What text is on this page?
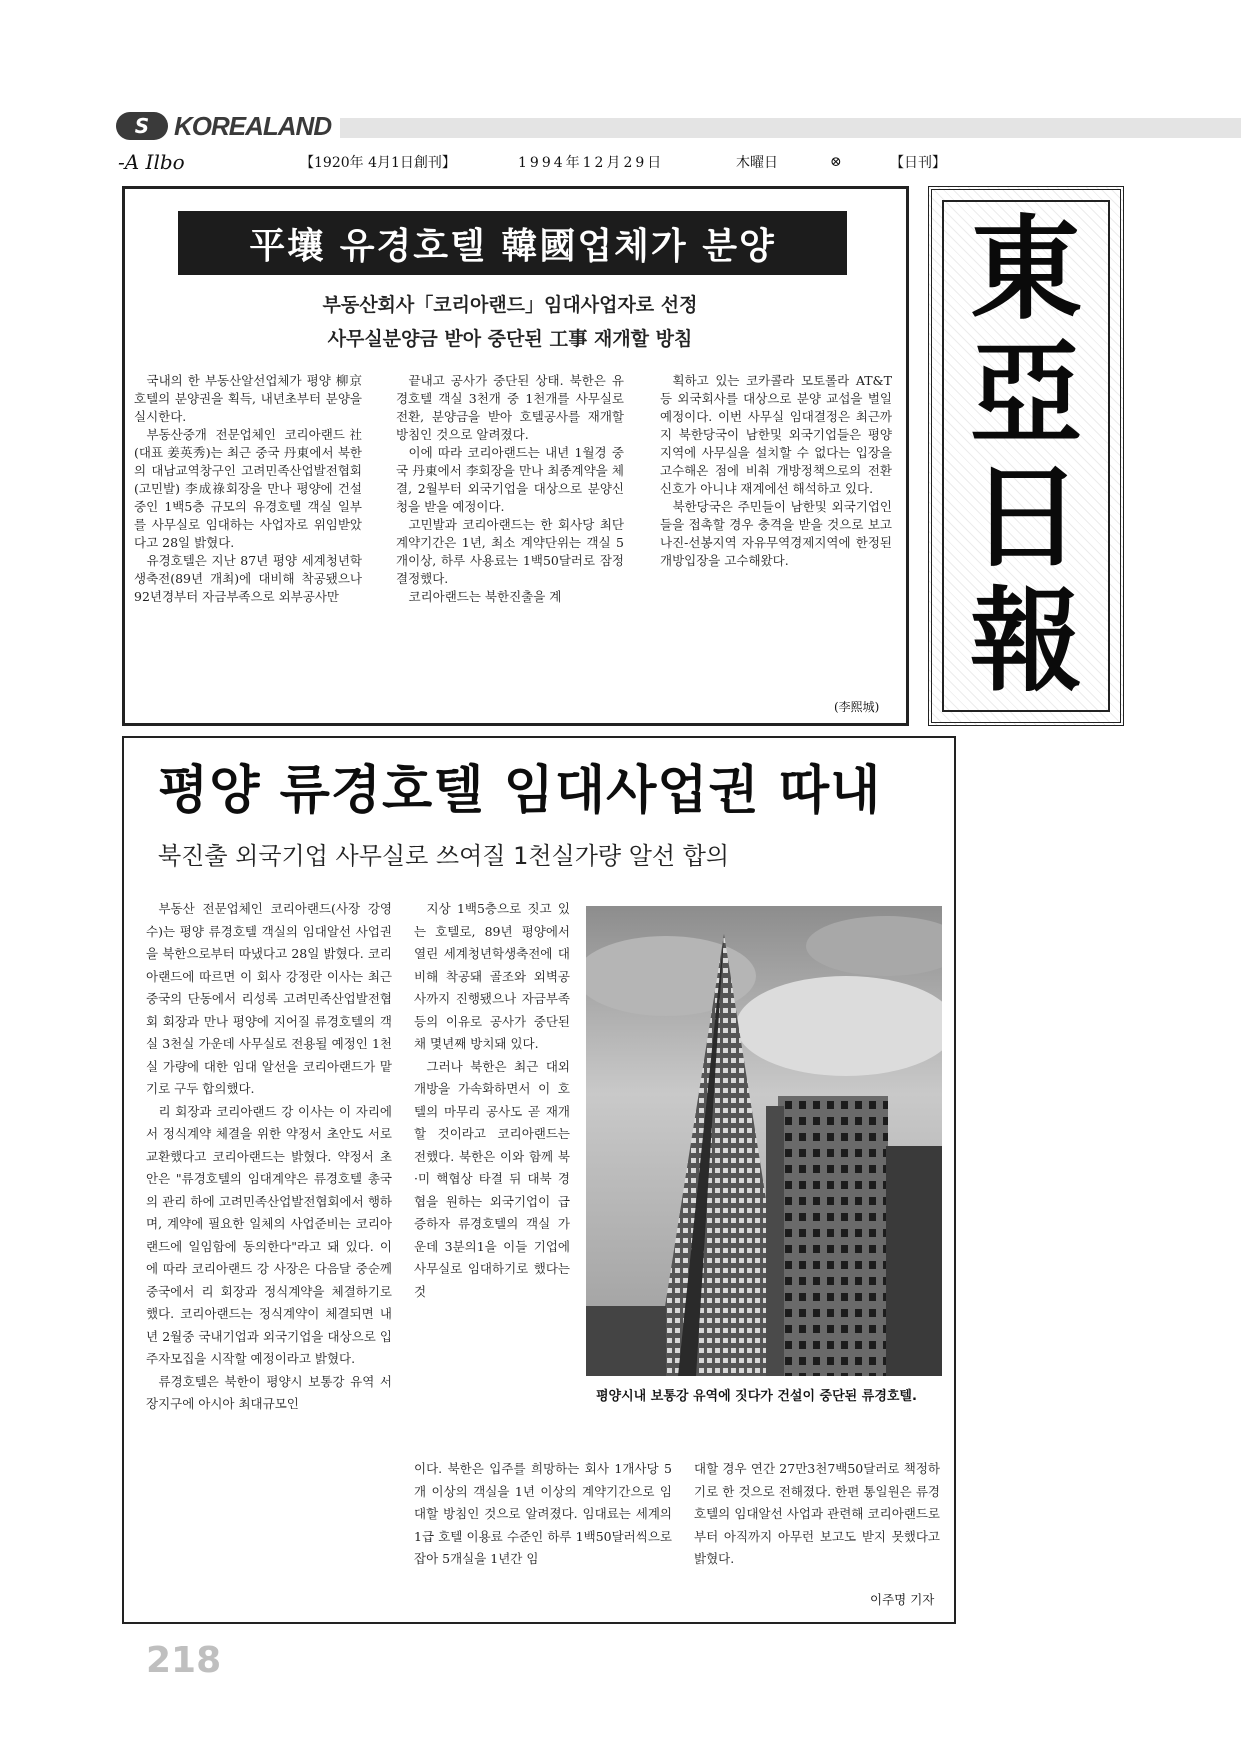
S KOREALAND
-A Ilbo	【1920年 4月1日創刊】	1994年12月29日	木曜日	⊗	【日刊】
平壤 유경호텔 韓國업체가 분양
부동산회사「코리아랜드」임대사업자로 선정
사무실분양금 받아 중단된 工事 재개할 방침

국내의 한 부동산알선업체가 평양 柳京호텔의 분양권을 획득, 내년초부터 분양을 실시한다.

부동산중개 전문업체인 코리아랜드社(대표 姜英秀)는 최근 중국 丹東에서 북한의 대남교역창구인 고려민족산업발전협회(고민발) 李成祿회장을 만나 평양에 건설중인 1백5층 규모의 유경호텔 객실 일부를 사무실로 임대하는 사업자로 위임받았다고 28일 밝혔다.

유경호텔은 지난 87년 평양 세계청년학생축전(89년 개최)에 대비해 착공됐으나 92년경부터 자금부족으로 외부공사만

끝내고 공사가 중단된 상태. 북한은 유경호텔 객실 3천개 중 1천개를 사무실로 전환, 분양금을 받아 호텔공사를 재개할 방침인 것으로 알려졌다.

이에 따라 코리아랜드는 내년 1월경 중국 丹東에서 李회장을 만나 최종계약을 체결, 2월부터 외국기업을 대상으로 분양신청을 받을 예정이다.

고민발과 코리아랜드는 한 회사당 최단 계약기간은 1년, 최소 계약단위는 객실 5개이상, 하루 사용료는 1백50달러로 잠정 결정했다.

코리아랜드는 북한진출을 계

획하고 있는 코카콜라 모토롤라 AT&T등 외국회사를 대상으로 분양 교섭을 벌일 예정이다. 이번 사무실 임대결정은 최근까지 북한당국이 남한및 외국기업들은 평양지역에 사무실을 설치할 수 없다는 입장을 고수해온 점에 비춰 개방정책으로의 전환신호가 아니냐 재계에선 해석하고 있다.

북한당국은 주민들이 남한및 외국기업인들을 접촉할 경우 충격을 받을 것으로 보고 나진-선봉지역 자유무역경제지역에 한정된 개방입장을 고수해왔다.

(李熙城)
東
亞
日
報
평양 류경호텔 임대사업권 따내
북진출 외국기업 사무실로 쓰여질 1천실가량 알선 합의

부동산 전문업체인 코리아랜드(사장 강영수)는 평양 류경호텔 객실의 임대알선 사업권을 북한으로부터 따냈다고 28일 밝혔다. 코리아랜드에 따르면 이 회사 강정란 이사는 최근 중국의 단동에서 리성록 고려민족산업발전협회 회장과 만나 평양에 지어질 류경호텔의 객실 3천실 가운데 사무실로 전용될 예정인 1천실 가량에 대한 임대 알선을 코리아랜드가 맡기로 구두 합의했다.

리 회장과 코리아랜드 강 이사는 이 자리에서 정식계약 체결을 위한 약정서 초안도 서로 교환했다고 코리아랜드는 밝혔다. 약정서 초안은 "류경호텔의 임대계약은 류경호텔 총국의 관리 하에 고려민족산업발전협회에서 행하며, 계약에 필요한 일체의 사업준비는 코리아랜드에 일임함에 동의한다"라고 돼 있다. 이에 따라 코리아랜드 강 사장은 다음달 중순께 중국에서 리 회장과 정식계약을 체결하기로 했다. 코리아랜드는 정식계약이 체결되면 내년 2월중 국내기업과 외국기업을 대상으로 입주자모집을 시작할 예정이라고 밝혔다.

류경호텔은 북한이 평양시 보통강 유역 서장지구에 아시아 최대규모인

지상 1백5층으로 짓고 있는 호텔로, 89년 평양에서 열린 세계청년학생축전에 대비해 착공돼 골조와 외벽공사까지 진행됐으나 자금부족 등의 이유로 공사가 중단된 채 몇년째 방치돼 있다.

그러나 북한은 최근 대외개방을 가속화하면서 이 호텔의 마무리 공사도 곧 재개할 것이라고 코리아랜드는 전했다. 북한은 이와 함께 북·미 핵협상 타결 뒤 대북 경협을 원하는 외국기업이 급증하자 류경호텔의 객실 가운데 3분의1을 이들 기업에 사무실로 임대하기로 했다는 것

이다. 북한은 입주를 희망하는 회사 1개사당 5개 이상의 객실을 1년 이상의 계약기간으로 임대할 방침인 것으로 알려졌다. 임대료는 세계의 1급 호텔 이용료 수준인 하루 1백50달러씩으로 잡아 5개실을 1년간 임

대할 경우 연간 27만3천7백50달러로 책정하기로 한 것으로 전해졌다. 한편 통일원은 류경호텔의 임대알선 사업과 관련해 코리아랜드로부터 아직까지 아무런 보고도 받지 못했다고 밝혔다.

평양시내 보통강 유역에 짓다가 건설이 중단된 류경호텔.
이주명 기자
218
